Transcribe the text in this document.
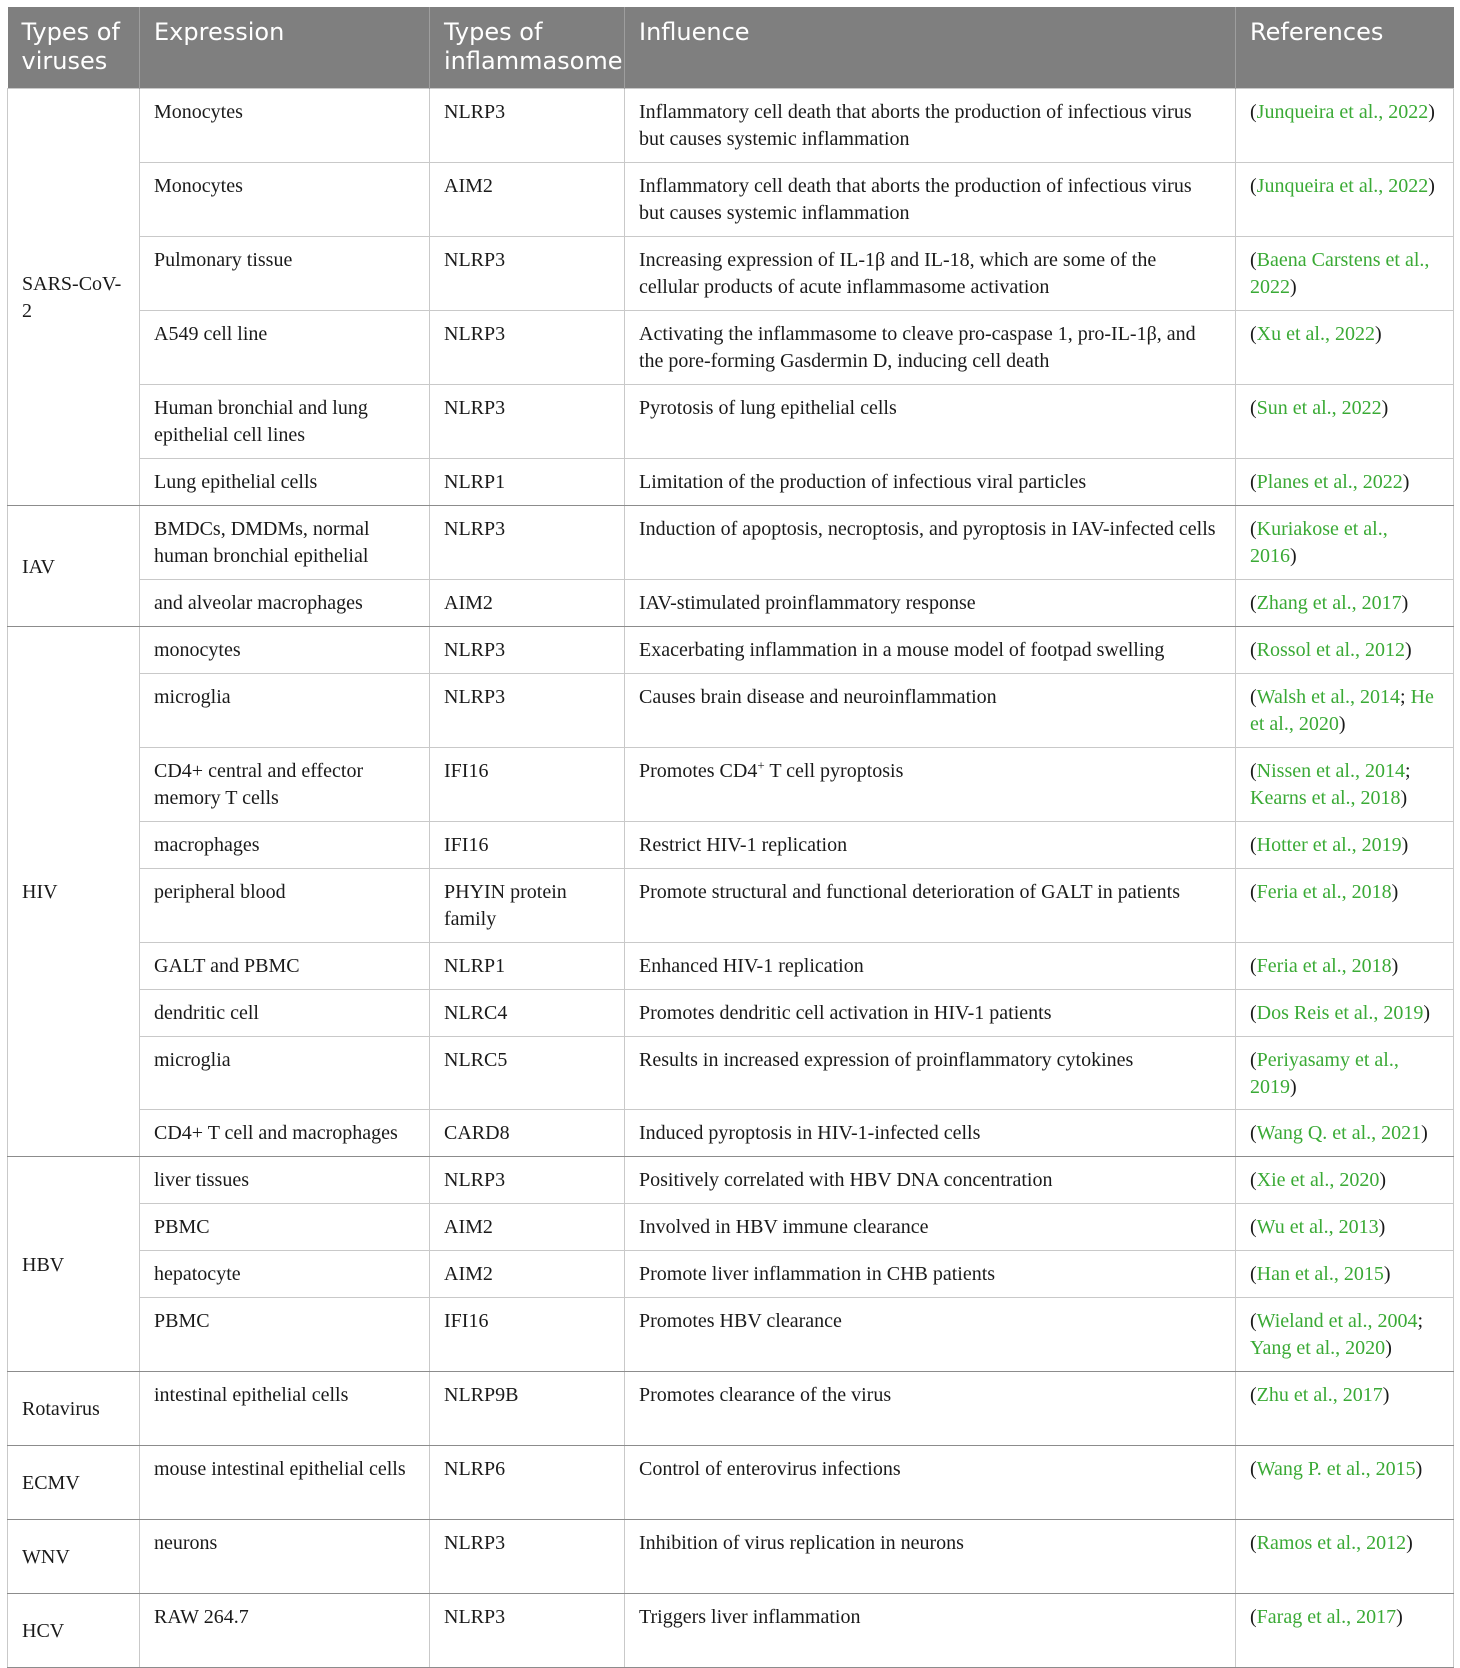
Types of viruses	Expression	Types of inflammasome	Influence	References
SARS-CoV-2	Monocytes	NLRP3	Inflammatory cell death that aborts the production of infectious virus but causes systemic inflammation	(Junqueira et al., 2022)
	Monocytes	AIM2	Inflammatory cell death that aborts the production of infectious virus but causes systemic inflammation	(Junqueira et al., 2022)
	Pulmonary tissue	NLRP3	Increasing expression of IL-1β and IL-18, which are some of the cellular products of acute inflammasome activation	(Baena Carstens et al., 2022)
	A549 cell line	NLRP3	Activating the inflammasome to cleave pro-caspase 1, pro-IL-1β, and the pore-forming Gasdermin D, inducing cell death	(Xu et al., 2022)
	Human bronchial and lung epithelial cell lines	NLRP3	Pyrotosis of lung epithelial cells	(Sun et al., 2022)
	Lung epithelial cells	NLRP1	Limitation of the production of infectious viral particles	(Planes et al., 2022)
IAV	BMDCs, DMDMs, normal human bronchial epithelial	NLRP3	Induction of apoptosis, necroptosis, and pyroptosis in IAV-infected cells	(Kuriakose et al., 2016)
	and alveolar macrophages	AIM2	IAV-stimulated proinflammatory response	(Zhang et al., 2017)
HIV	monocytes	NLRP3	Exacerbating inflammation in a mouse model of footpad swelling	(Rossol et al., 2012)
	microglia	NLRP3	Causes brain disease and neuroinflammation	(Walsh et al., 2014; He et al., 2020)
	CD4+ central and effector memory T cells	IFI16	Promotes CD4+ T cell pyroptosis	(Nissen et al., 2014; Kearns et al., 2018)
	macrophages	IFI16	Restrict HIV-1 replication	(Hotter et al., 2019)
	peripheral blood	PHYIN protein family	Promote structural and functional deterioration of GALT in patients	(Feria et al., 2018)
	GALT and PBMC	NLRP1	Enhanced HIV-1 replication	(Feria et al., 2018)
	dendritic cell	NLRC4	Promotes dendritic cell activation in HIV-1 patients	(Dos Reis et al., 2019)
	microglia	NLRC5	Results in increased expression of proinflammatory cytokines	(Periyasamy et al., 2019)
	CD4+ T cell and macrophages	CARD8	Induced pyroptosis in HIV-1-infected cells	(Wang Q. et al., 2021)
HBV	liver tissues	NLRP3	Positively correlated with HBV DNA concentration	(Xie et al., 2020)
	PBMC	AIM2	Involved in HBV immune clearance	(Wu et al., 2013)
	hepatocyte	AIM2	Promote liver inflammation in CHB patients	(Han et al., 2015)
	PBMC	IFI16	Promotes HBV clearance	(Wieland et al., 2004; Yang et al., 2020)
Rotavirus	intestinal epithelial cells	NLRP9B	Promotes clearance of the virus	(Zhu et al., 2017)
ECMV	mouse intestinal epithelial cells	NLRP6	Control of enterovirus infections	(Wang P. et al., 2015)
WNV	neurons	NLRP3	Inhibition of virus replication in neurons	(Ramos et al., 2012)
HCV	RAW 264.7	NLRP3	Triggers liver inflammation	(Farag et al., 2017)
